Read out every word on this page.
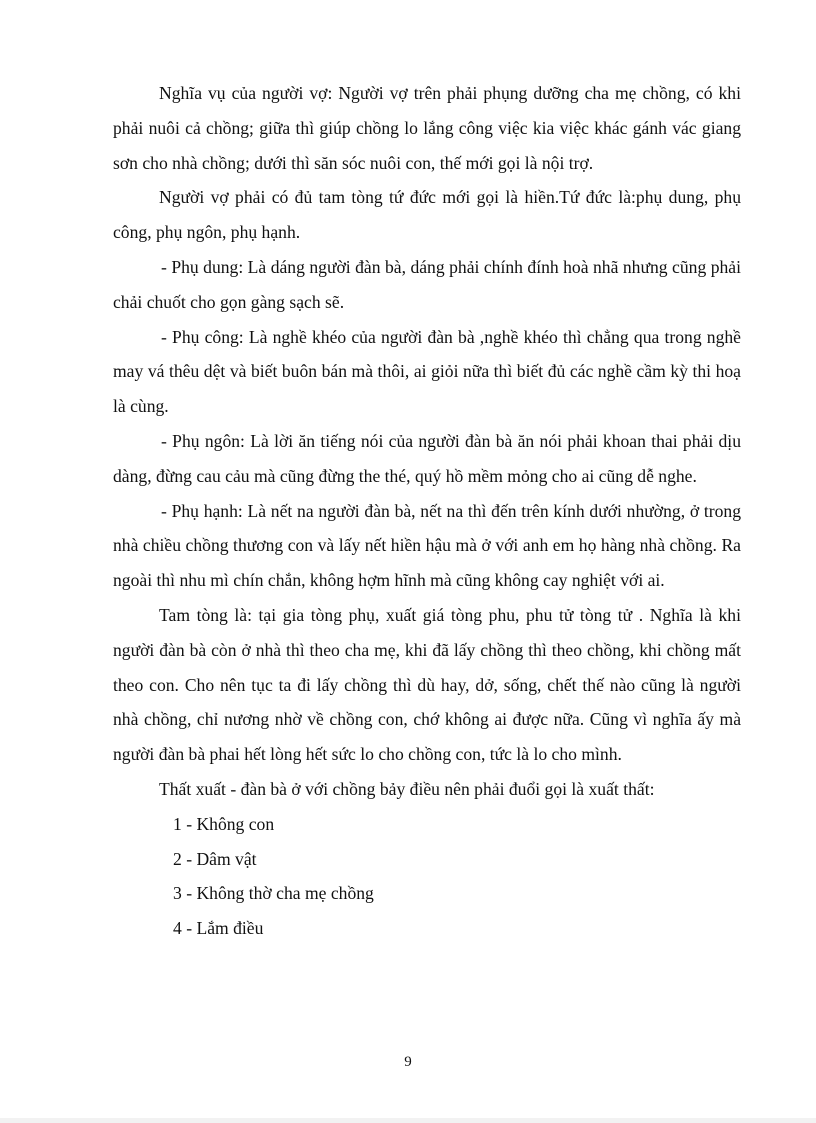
Nghĩa vụ của người vợ: Người vợ trên phải phụng dưỡng cha mẹ chồng, có khi phải nuôi cả chồng; giữa thì giúp chồng lo lắng công việc kia việc khác gánh vác giang sơn cho nhà chồng; dưới thì săn sóc nuôi con, thế mới gọi là nội trợ.

Người vợ phải có đủ tam tòng tứ đức mới gọi là hiền.Tứ đức là:phụ dung, phụ công, phụ ngôn, phụ hạnh.

- Phụ dung: Là dáng người đàn bà, dáng phải chính đính hoà nhã nhưng cũng phải chải chuốt cho gọn gàng sạch sẽ.

- Phụ công: Là nghề khéo của người đàn bà ,nghề khéo thì chẳng qua trong nghề may vá thêu dệt và biết buôn bán mà thôi, ai giỏi nữa thì biết đủ các nghề cầm kỳ thi hoạ là cùng.

- Phụ ngôn: Là lời ăn tiếng nói của người đàn bà ăn nói phải khoan thai phải dịu dàng, đừng cau cảu mà cũng đừng the thé, quý hồ mềm mỏng cho ai cũng dễ nghe.

- Phụ hạnh: Là nết na người đàn bà, nết na thì đến trên kính dưới nhường, ở trong nhà chiều chồng thương con và lấy nết hiền hậu mà ở với anh em họ hàng nhà chồng. Ra ngoài thì nhu mì chín chắn, không hợm hĩnh mà cũng không cay nghiệt với ai.

Tam tòng là: tại gia tòng phụ, xuất giá tòng phu, phu tử tòng tử . Nghĩa là khi người đàn bà còn ở nhà thì theo cha mẹ, khi đã lấy chồng thì theo chồng, khi chồng mất theo con. Cho nên tục ta đi lấy chồng thì dù hay, dở, sống, chết thế nào cũng là người nhà chồng, chỉ nương nhờ về chồng con, chớ không ai được nữa. Cũng vì nghĩa ấy mà người đàn bà phai hết lòng hết sức lo cho chồng con, tức là lo cho mình.

Thất xuất - đàn bà ở với chồng bảy điều nên phải đuổi gọi là xuất thất:

1 - Không con
2 - Dâm vật
3 - Không thờ cha mẹ chồng
4 - Lắm điều
9
